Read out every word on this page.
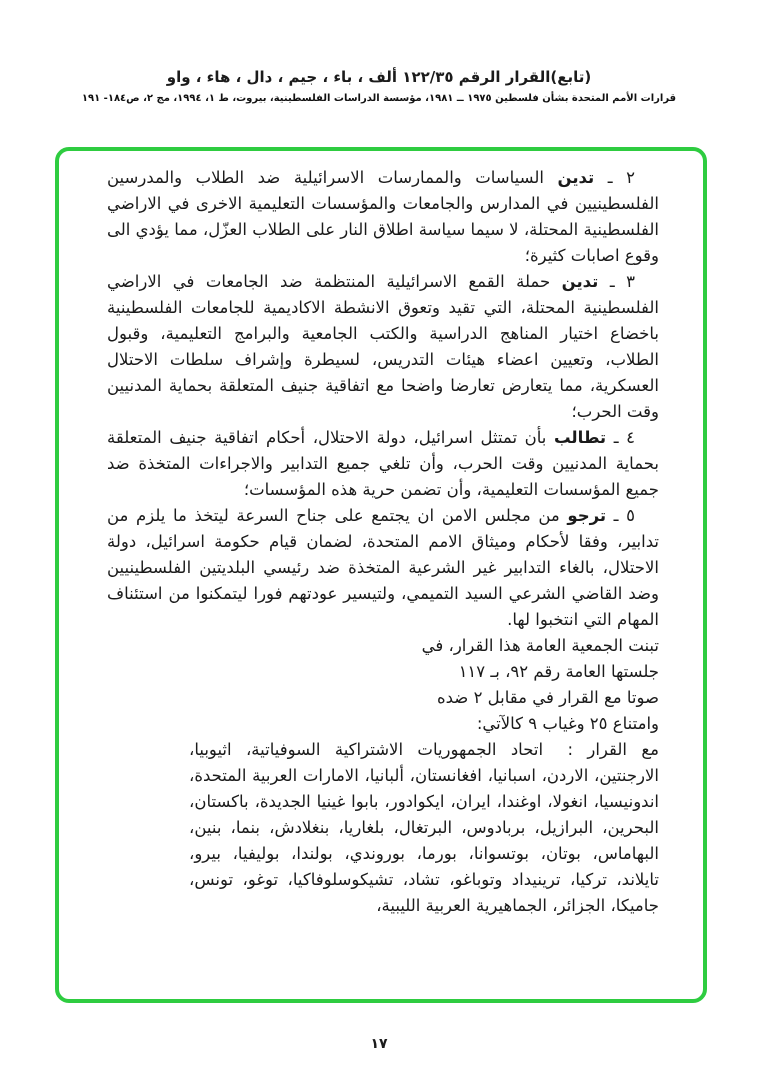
(تابع)القرار الرقم ١٢٢/٣٥ ألف ، باء ، جيم ، دال ، هاء ، واو
قرارات الأمم المتحدة بشأن فلسطين ١٩٧٥ ــ ١٩٨١، مؤسسة الدراسات الفلسطينية، بيروت، ط ١، ١٩٩٤، مج ٢، ص١٨٤- ١٩١

٢ ـ تدين السياسات والممارسات الاسرائيلية ضد الطلاب والمدرسين الفلسطينيين في المدارس والجامعات والمؤسسات التعليمية الاخرى في الاراضي الفلسطينية المحتلة، لا سيما سياسة اطلاق النار على الطلاب العزّل، مما يؤدي الى وقوع اصابات كثيرة؛

٣ ـ تدين حملة القمع الاسرائيلية المنتظمة ضد الجامعات في الاراضي الفلسطينية المحتلة، التي تقيد وتعوق الانشطة الاكاديمية للجامعات الفلسطينية باخضاع اختيار المناهج الدراسية والكتب الجامعية والبرامج التعليمية، وقبول الطلاب، وتعيين اعضاء هيئات التدريس، لسيطرة وإشراف سلطات الاحتلال العسكرية، مما يتعارض تعارضا واضحا مع اتفاقية جنيف المتعلقة بحماية المدنيين وقت الحرب؛

٤ ـ تطالب بأن تمتثل اسرائيل، دولة الاحتلال، أحكام اتفاقية جنيف المتعلقة بحماية المدنيين وقت الحرب، وأن تلغي جميع التدابير والاجراءات المتخذة ضد جميع المؤسسات التعليمية، وأن تضمن حرية هذه المؤسسات؛

٥ ـ ترجو من مجلس الامن ان يجتمع على جناح السرعة ليتخذ ما يلزم من تدابير، وفقا لأحكام وميثاق الامم المتحدة، لضمان قيام حكومة اسرائيل، دولة الاحتلال، بالغاء التدابير غير الشرعية المتخذة ضد رئيسي البلديتين الفلسطينيين وضد القاضي الشرعي السيد التميمي، ولتيسير عودتهم فورا ليتمكنوا من استئناف المهام التي انتخبوا لها.

تبنت الجمعية العامة هذا القرار، في
جلستها العامة رقم ٩٢، بـ ١١٧
صوتا مع القرار في مقابل ٢ ضده
وامتناع ٢٥ وغياب ٩ كالآتي:
مع القرار : اتحاد الجمهوريات الاشتراكية السوفياتية، اثيوبيا، الارجنتين، الاردن، اسبانيا، افغانستان، ألبانيا، الامارات العربية المتحدة، اندونيسيا، انغولا، اوغندا، ايران، ايكوادور، بابوا غينيا الجديدة، باكستان، البحرين، البرازيل، بربادوس، البرتغال، بلغاريا، بنغلادش، بنما، بنين، البهاماس، بوتان، بوتسوانا، بورما، بوروندي، بولندا، بوليفيا، بيرو، تايلاند، تركيا، ترينيداد وتوباغو، تشاد، تشيكوسلوفاكيا، توغو، تونس، جاميكا، الجزائر، الجماهيرية العربية الليبية،
١٧
